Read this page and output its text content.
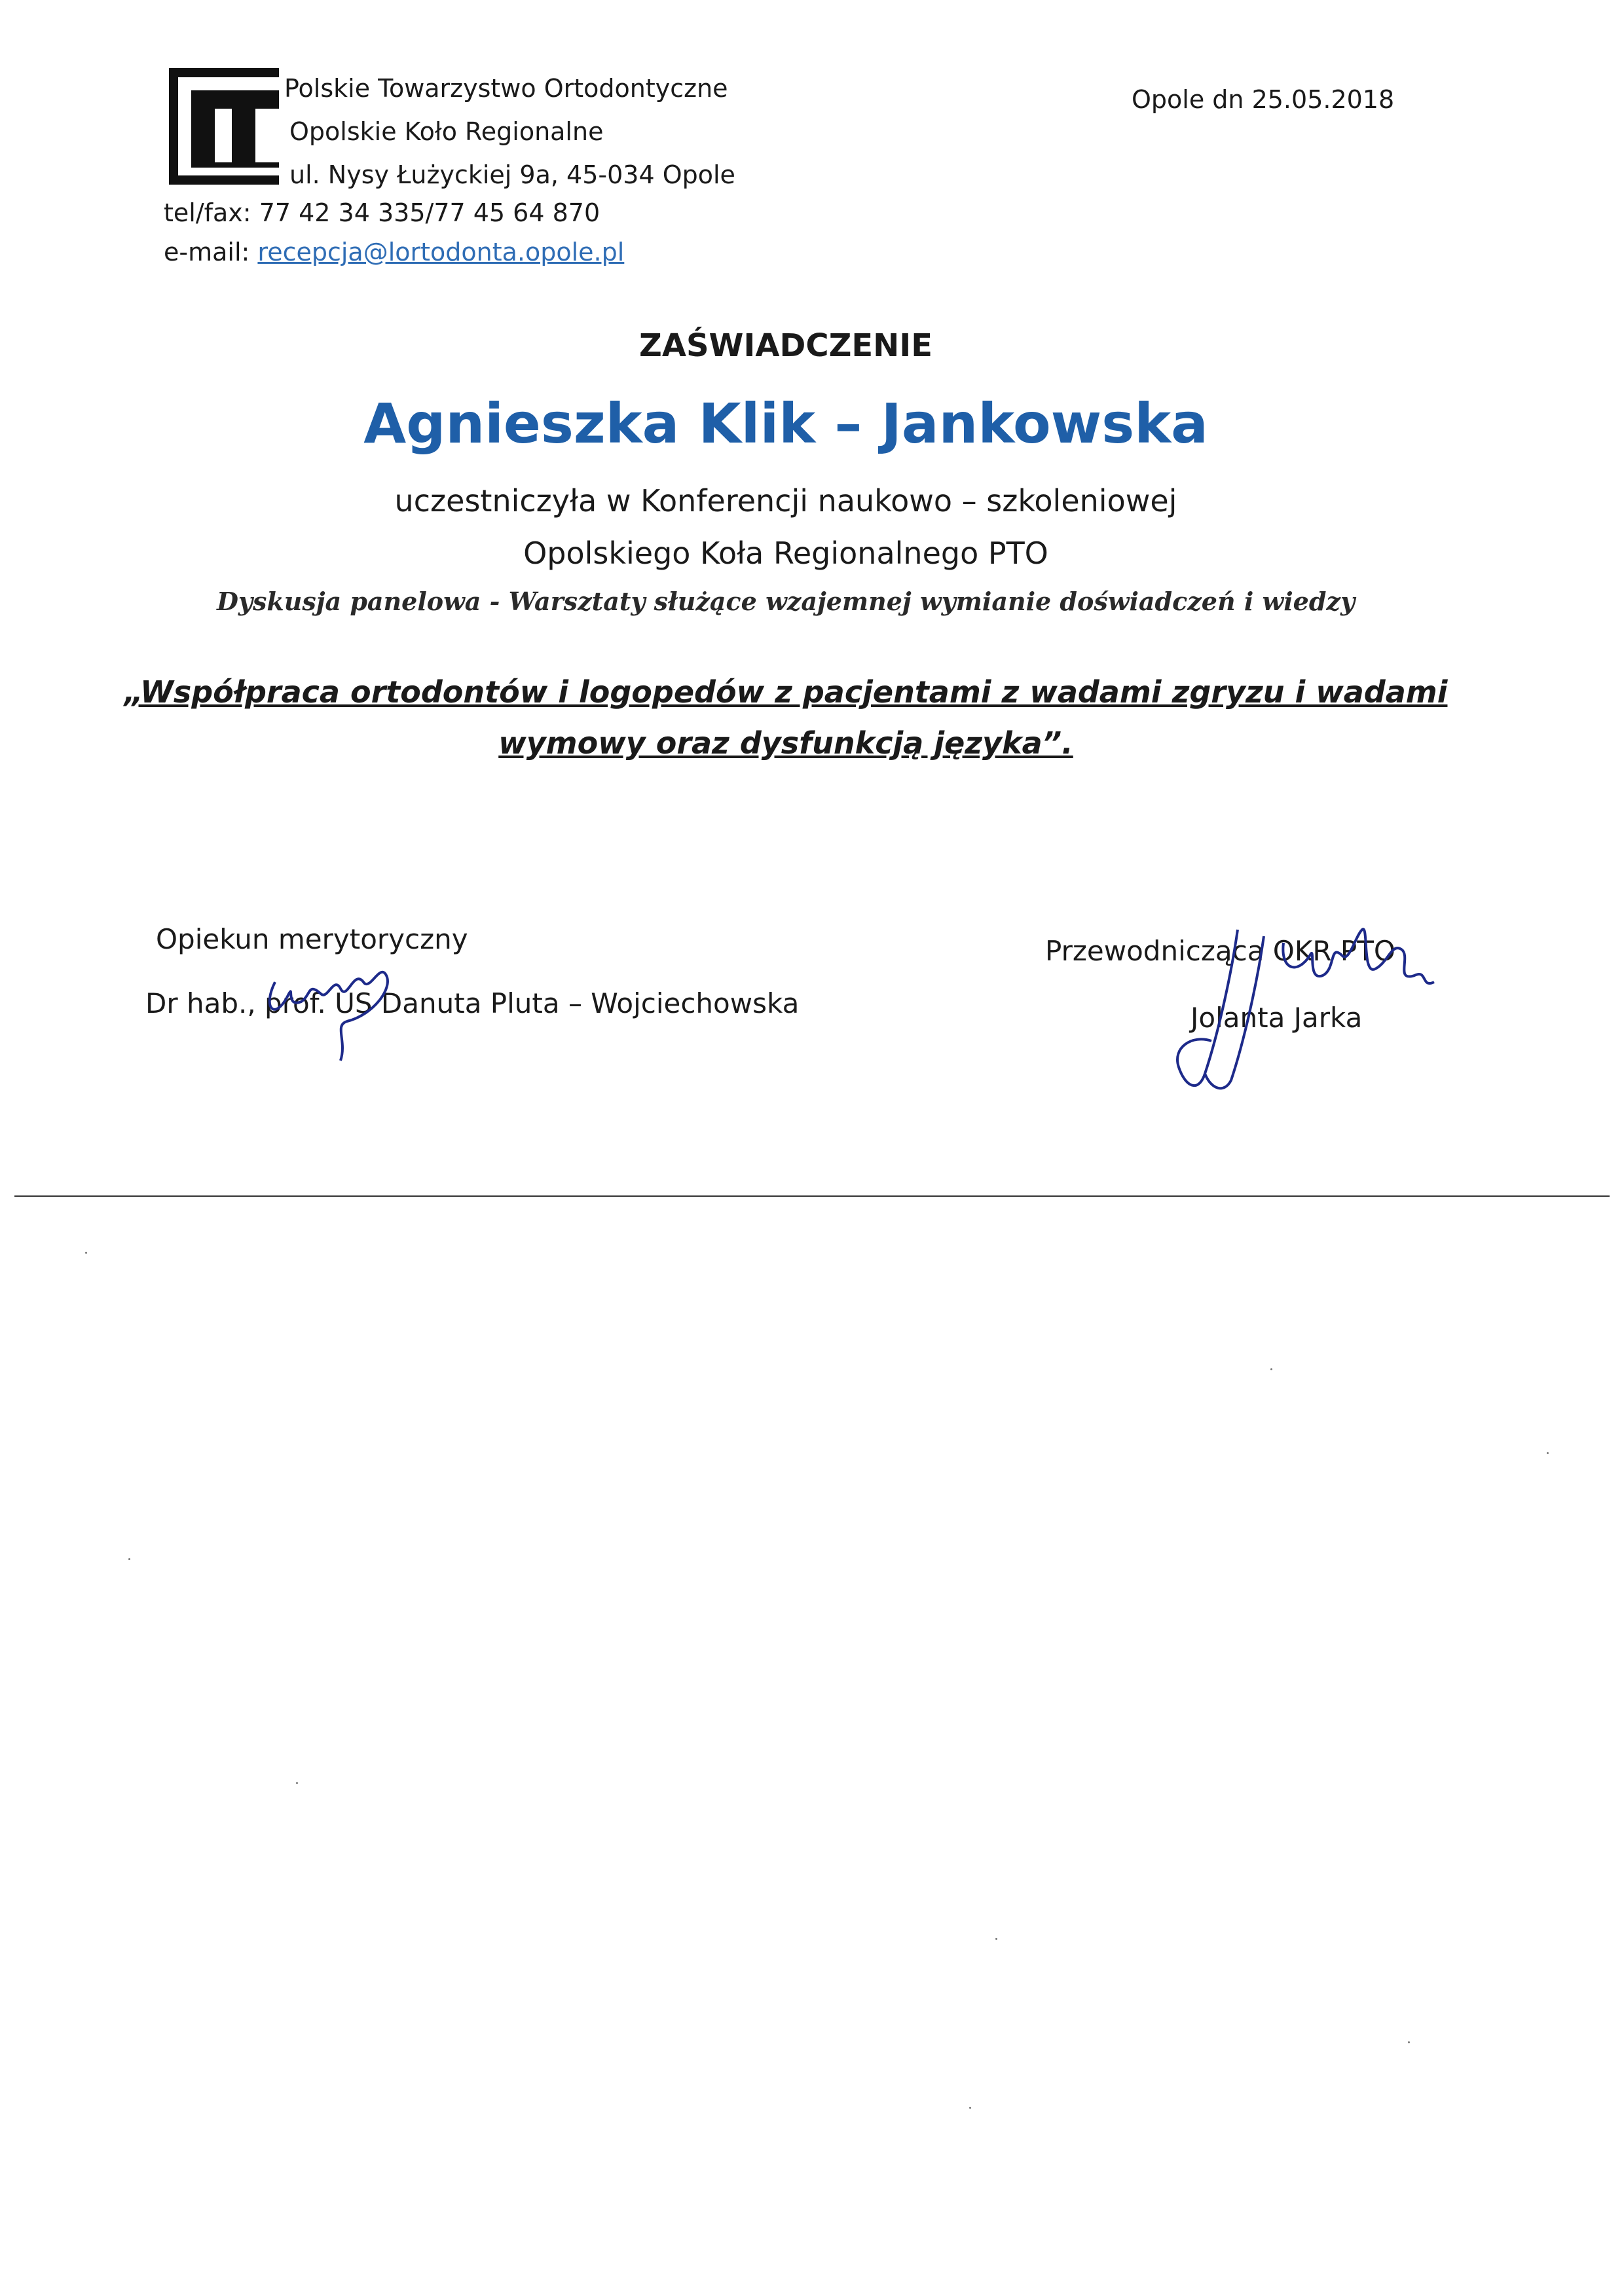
Polskie Towarzystwo Ortodontyczne
Opolskie Koło Regionalne
ul. Nysy Łużyckiej 9a, 45-034 Opole
tel/fax: 77 42 34 335/77 45 64 870
e-mail: recepcja@lortodonta.opole.pl
Opole dn 25.05.2018
ZAŚWIADCZENIE
Agnieszka Klik – Jankowska
uczestniczyła w Konferencji naukowo – szkoleniowej
Opolskiego Koła Regionalnego PTO
Dyskusja panelowa - Warsztaty służące wzajemnej wymianie doświadczeń i wiedzy
„Współpraca ortodontów i logopedów z pacjentami z wadami zgryzu i wadami
wymowy oraz dysfunkcją języka”.
Opiekun merytoryczny
Dr hab., prof. US Danuta Pluta – Wojciechowska
Przewodnicząca OKR PTO
Jolanta Jarka
